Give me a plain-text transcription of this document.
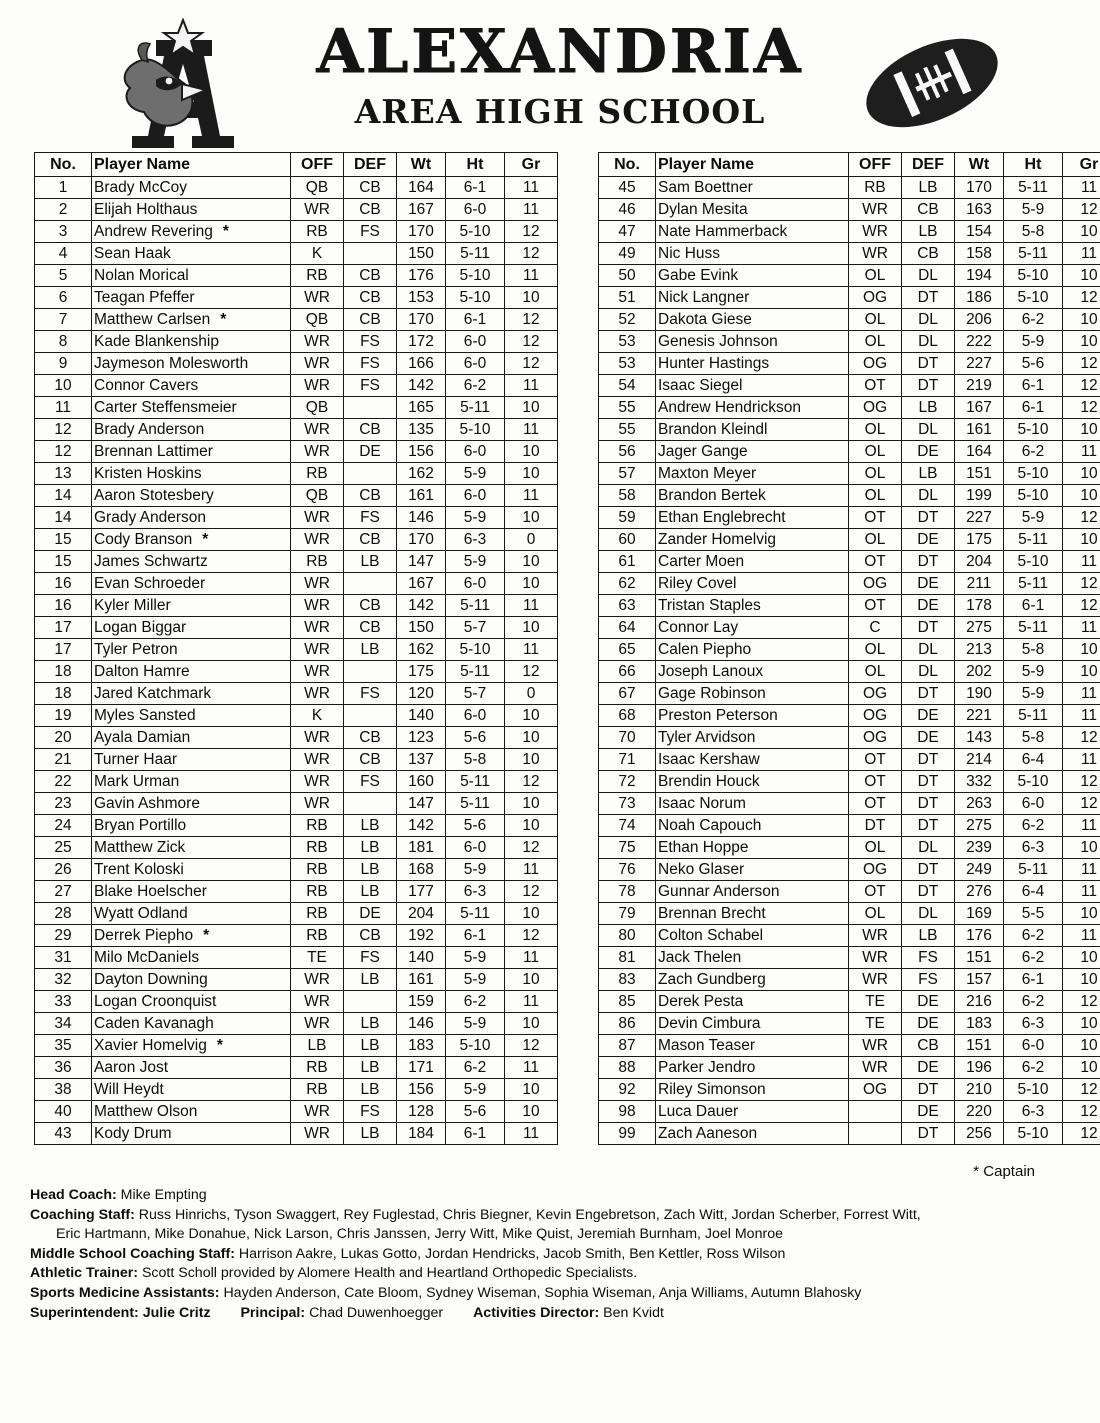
ALEXANDRIA
AREA HIGH SCHOOL
No.	Player Name	OFF	DEF	Wt	Ht	Gr
1	Brady McCoy	QB	CB	164	6-1	11
2	Elijah Holthaus	WR	CB	167	6-0	11
3	Andrew Revering *	RB	FS	170	5-10	12
4	Sean Haak	K		150	5-11	12
5	Nolan Morical	RB	CB	176	5-10	11
6	Teagan Pfeffer	WR	CB	153	5-10	10
7	Matthew Carlsen *	QB	CB	170	6-1	12
8	Kade Blankenship	WR	FS	172	6-0	12
9	Jaymeson Molesworth	WR	FS	166	6-0	12
10	Connor Cavers	WR	FS	142	6-2	11
11	Carter Steffensmeier	QB		165	5-11	10
12	Brady Anderson	WR	CB	135	5-10	11
12	Brennan Lattimer	WR	DE	156	6-0	10
13	Kristen Hoskins	RB		162	5-9	10
14	Aaron Stotesbery	QB	CB	161	6-0	11
14	Grady Anderson	WR	FS	146	5-9	10
15	Cody Branson *	WR	CB	170	6-3	0
15	James Schwartz	RB	LB	147	5-9	10
16	Evan Schroeder	WR		167	6-0	10
16	Kyler Miller	WR	CB	142	5-11	11
17	Logan Biggar	WR	CB	150	5-7	10
17	Tyler Petron	WR	LB	162	5-10	11
18	Dalton Hamre	WR		175	5-11	12
18	Jared Katchmark	WR	FS	120	5-7	0
19	Myles Sansted	K		140	6-0	10
20	Ayala Damian	WR	CB	123	5-6	10
21	Turner Haar	WR	CB	137	5-8	10
22	Mark Urman	WR	FS	160	5-11	12
23	Gavin Ashmore	WR		147	5-11	10
24	Bryan Portillo	RB	LB	142	5-6	10
25	Matthew Zick	RB	LB	181	6-0	12
26	Trent Koloski	RB	LB	168	5-9	11
27	Blake Hoelscher	RB	LB	177	6-3	12
28	Wyatt Odland	RB	DE	204	5-11	10
29	Derrek Piepho *	RB	CB	192	6-1	12
31	Milo McDaniels	TE	FS	140	5-9	11
32	Dayton Downing	WR	LB	161	5-9	10
33	Logan Croonquist	WR		159	6-2	11
34	Caden Kavanagh	WR	LB	146	5-9	10
35	Xavier Homelvig *	LB	LB	183	5-10	12
36	Aaron Jost	RB	LB	171	6-2	11
38	Will Heydt	RB	LB	156	5-9	10
40	Matthew Olson	WR	FS	128	5-6	10
43	Kody Drum	WR	LB	184	6-1	11
No.	Player Name	OFF	DEF	Wt	Ht	Gr
45	Sam Boettner	RB	LB	170	5-11	11
46	Dylan Mesita	WR	CB	163	5-9	12
47	Nate Hammerback	WR	LB	154	5-8	10
49	Nic Huss	WR	CB	158	5-11	11
50	Gabe Evink	OL	DL	194	5-10	10
51	Nick Langner	OG	DT	186	5-10	12
52	Dakota Giese	OL	DL	206	6-2	10
53	Genesis Johnson	OL	DL	222	5-9	10
53	Hunter Hastings	OG	DT	227	5-6	12
54	Isaac Siegel	OT	DT	219	6-1	12
55	Andrew Hendrickson	OG	LB	167	6-1	12
55	Brandon Kleindl	OL	DL	161	5-10	10
56	Jager Gange	OL	DE	164	6-2	11
57	Maxton Meyer	OL	LB	151	5-10	10
58	Brandon Bertek	OL	DL	199	5-10	10
59	Ethan Englebrecht	OT	DT	227	5-9	12
60	Zander Homelvig	OL	DE	175	5-11	10
61	Carter Moen	OT	DT	204	5-10	11
62	Riley Covel	OG	DE	211	5-11	12
63	Tristan Staples	OT	DE	178	6-1	12
64	Connor Lay	C	DT	275	5-11	11
65	Calen Piepho	OL	DL	213	5-8	10
66	Joseph Lanoux	OL	DL	202	5-9	10
67	Gage Robinson	OG	DT	190	5-9	11
68	Preston Peterson	OG	DE	221	5-11	11
70	Tyler Arvidson	OG	DE	143	5-8	12
71	Isaac Kershaw	OT	DT	214	6-4	11
72	Brendin Houck	OT	DT	332	5-10	12
73	Isaac Norum	OT	DT	263	6-0	12
74	Noah Capouch	DT	DT	275	6-2	11
75	Ethan Hoppe	OL	DL	239	6-3	10
76	Neko Glaser	OG	DT	249	5-11	11
78	Gunnar Anderson	OT	DT	276	6-4	11
79	Brennan Brecht	OL	DL	169	5-5	10
80	Colton Schabel	WR	LB	176	6-2	11
81	Jack Thelen	WR	FS	151	6-2	10
83	Zach Gundberg	WR	FS	157	6-1	10
85	Derek Pesta	TE	DE	216	6-2	12
86	Devin Cimbura	TE	DE	183	6-3	10
87	Mason Teaser	WR	CB	151	6-0	10
88	Parker Jendro	WR	DE	196	6-2	10
92	Riley Simonson	OG	DT	210	5-10	12
98	Luca Dauer		DE	220	6-3	12
99	Zach Aaneson		DT	256	5-10	12
* Captain
Head Coach: Mike Empting
Coaching Staff: Russ Hinrichs, Tyson Swaggert, Rey Fuglestad, Chris Biegner, Kevin Engebretson, Zach Witt, Jordan Scherber, Forrest Witt,
Eric Hartmann, Mike Donahue, Nick Larson, Chris Janssen, Jerry Witt, Mike Quist, Jeremiah Burnham, Joel Monroe
Middle School Coaching Staff: Harrison Aakre, Lukas Gotto, Jordan Hendricks, Jacob Smith, Ben Kettler, Ross Wilson
Athletic Trainer: Scott Scholl provided by Alomere Health and Heartland Orthopedic Specialists.
Sports Medicine Assistants: Hayden Anderson, Cate Bloom, Sydney Wiseman, Sophia Wiseman, Anja Williams, Autumn Blahosky
Superintendent: Julie Critz Principal: Chad Duwenhoegger Activities Director: Ben Kvidt
